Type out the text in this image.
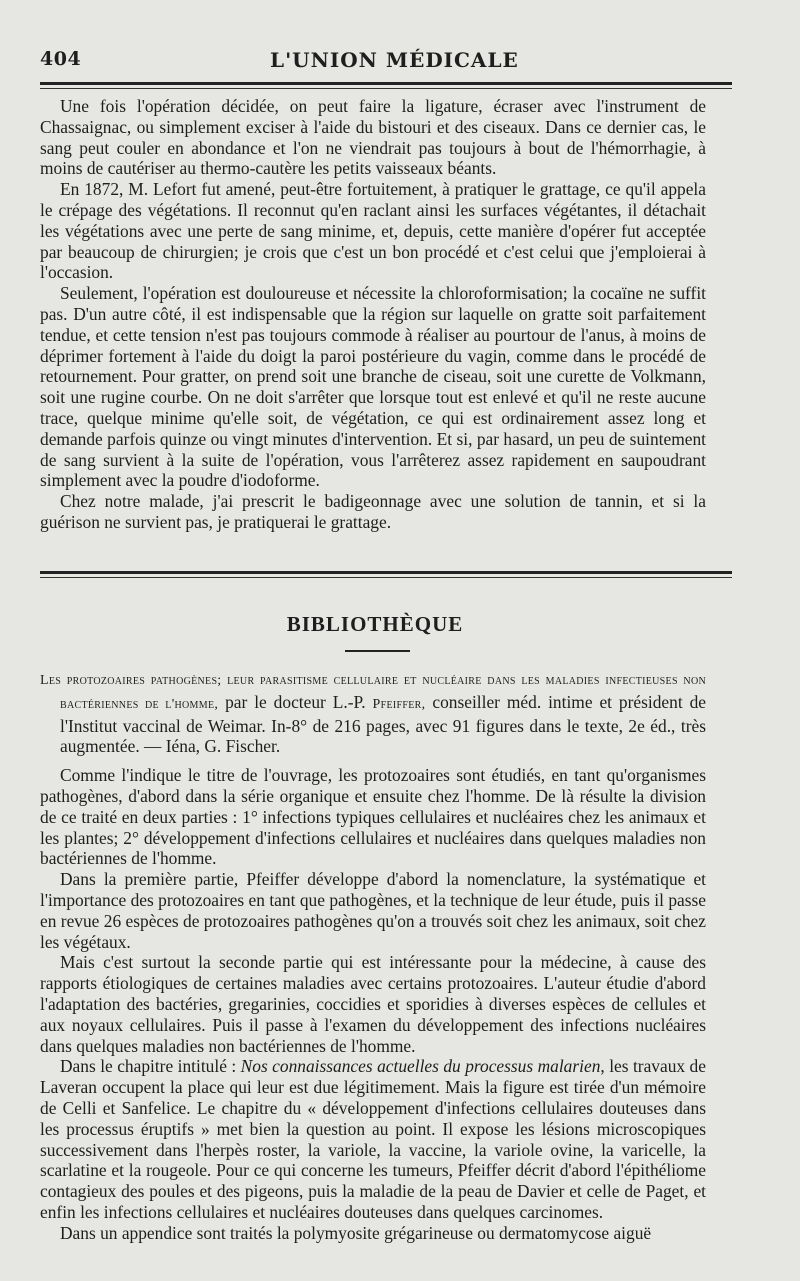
404	L'UNION MÉDICALE

Une fois l'opération décidée, on peut faire la ligature, écraser avec l'instrument de Chassaignac, ou simplement exciser à l'aide du bistouri et des ciseaux. Dans ce dernier cas, le sang peut couler en abondance et l'on ne viendrait pas toujours à bout de l'hémorrhagie, à moins de cautériser au thermo-cautère les petits vaisseaux béants.

En 1872, M. Lefort fut amené, peut-être fortuitement, à pratiquer le grattage, ce qu'il appela le crépage des végétations. Il reconnut qu'en raclant ainsi les surfaces végétantes, il détachait les végétations avec une perte de sang minime, et, depuis, cette manière d'opérer fut acceptée par beaucoup de chirurgien; je crois que c'est un bon procédé et c'est celui que j'emploierai à l'occasion.

Seulement, l'opération est douloureuse et nécessite la chloroformisation; la cocaïne ne suffit pas. D'un autre côté, il est indispensable que la région sur laquelle on gratte soit parfaitement tendue, et cette tension n'est pas toujours commode à réaliser au pourtour de l'anus, à moins de déprimer fortement à l'aide du doigt la paroi postérieure du vagin, comme dans le procédé de retournement. Pour gratter, on prend soit une branche de ciseau, soit une curette de Volkmann, soit une rugine courbe. On ne doit s'arrêter que lorsque tout est enlevé et qu'il ne reste aucune trace, quelque minime qu'elle soit, de végétation, ce qui est ordinairement assez long et demande parfois quinze ou vingt minutes d'intervention. Et si, par hasard, un peu de suintement de sang survient à la suite de l'opération, vous l'arrêterez assez rapidement en saupoudrant simplement avec la poudre d'iodoforme.

Chez notre malade, j'ai prescrit le badigeonnage avec une solution de tannin, et si la guérison ne survient pas, je pratiquerai le grattage.

BIBLIOTHÈQUE

Les protozoaires pathogènes; leur parasitisme cellulaire et nucléaire dans les maladies infectieuses non bactériennes de l'homme, par le docteur L.-P. Pfeiffer, conseiller méd. intime et président de l'Institut vaccinal de Weimar. In-8° de 216 pages, avec 91 figures dans le texte, 2e éd., très augmentée. — Iéna, G. Fischer.

Comme l'indique le titre de l'ouvrage, les protozoaires sont étudiés, en tant qu'organismes pathogènes, d'abord dans la série organique et ensuite chez l'homme. De là résulte la division de ce traité en deux parties : 1° infections typiques cellulaires et nucléaires chez les animaux et les plantes; 2° développement d'infections cellulaires et nucléaires dans quelques maladies non bactériennes de l'homme.

Dans la première partie, Pfeiffer développe d'abord la nomenclature, la systématique et l'importance des protozoaires en tant que pathogènes, et la technique de leur étude, puis il passe en revue 26 espèces de protozoaires pathogènes qu'on a trouvés soit chez les animaux, soit chez les végétaux.

Mais c'est surtout la seconde partie qui est intéressante pour la médecine, à cause des rapports étiologiques de certaines maladies avec certains protozoaires. L'auteur étudie d'abord l'adaptation des bactéries, gregarinies, coccidies et sporidies à diverses espèces de cellules et aux noyaux cellulaires. Puis il passe à l'examen du développement des infections nucléaires dans quelques maladies non bactériennes de l'homme.

Dans le chapitre intitulé : Nos connaissances actuelles du processus malarien, les travaux de Laveran occupent la place qui leur est due légitimement. Mais la figure est tirée d'un mémoire de Celli et Sanfelice. Le chapitre du « développement d'infections cellulaires douteuses dans les processus éruptifs » met bien la question au point. Il expose les lésions microscopiques successivement dans l'herpès roster, la variole, la vaccine, la variole ovine, la varicelle, la scarlatine et la rougeole. Pour ce qui concerne les tumeurs, Pfeiffer décrit d'abord l'épithéliome contagieux des poules et des pigeons, puis la maladie de la peau de Davier et celle de Paget, et enfin les infections cellulaires et nucléaires douteuses dans quelques carcinomes.

Dans un appendice sont traités la polymyosite grégarineuse ou dermatomycose aiguë
